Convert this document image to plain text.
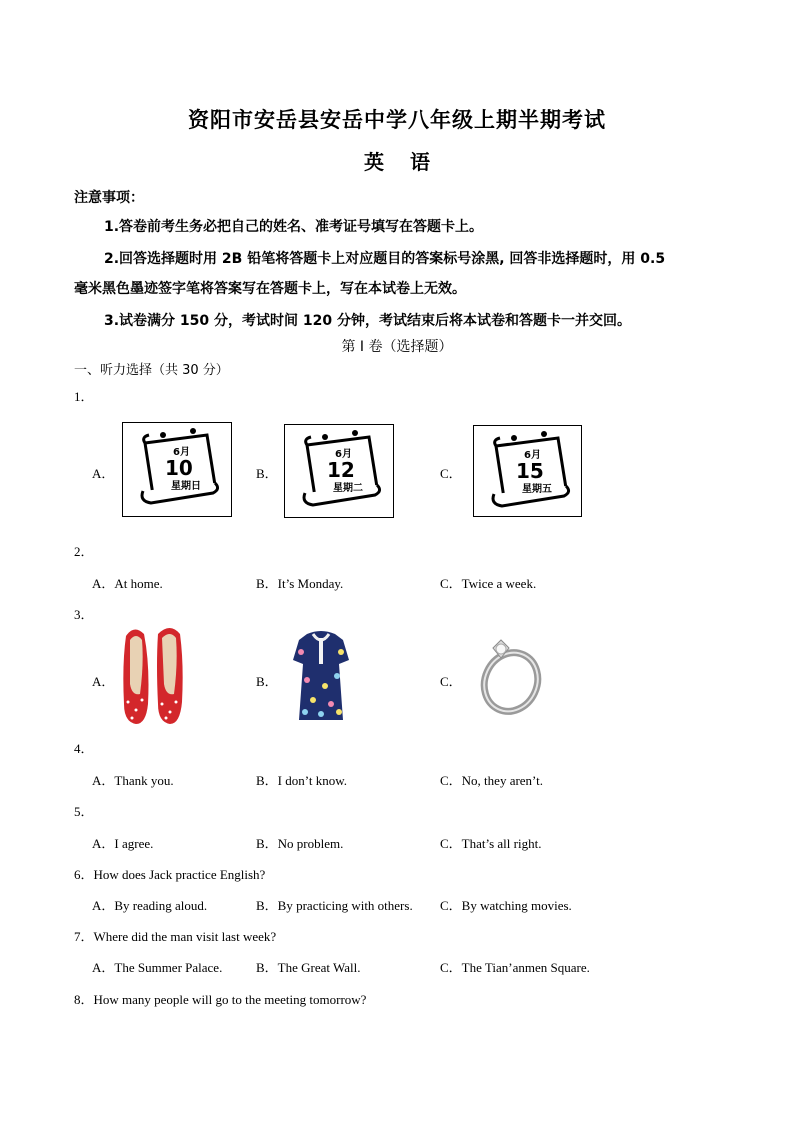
资阳市安岳县安岳中学八年级上期半期考试
英 语
注意事项：
1.答卷前考生务必把自己的姓名、准考证号填写在答题卡上。
2.回答选择题时用 2B 铅笔将答题卡上对应题目的答案标号涂黑, 回答非选择题时，用 0.5
毫米黑色墨迹签字笔将答案写在答题卡上，写在本试卷上无效。
3.试卷满分 150 分，考试时间 120 分钟，考试结束后将本试卷和答题卡一并交回。
第 I 卷（选择题）
一、听力选择（共 30 分）
1．
A．
6月
10
星期日
B．
6月
12
星期二
C．
6月
15
星期五
2．
A．At home.	B．It’s Monday.	C．Twice a week.
3．
A．	B．	C．
4．
A．Thank you.	B．I don’t know.	C．No, they aren’t.
5．
A．I agree.	B．No problem.	C．That’s all right.
6．How does Jack practice English?
A．By reading aloud.	B．By practicing with others. C．By watching movies.
7．Where did the man visit last week?
A．The Summer Palace.	B．The Great Wall.	C．The Tian’anmen Square.
8．How many people will go to the meeting tomorrow?
